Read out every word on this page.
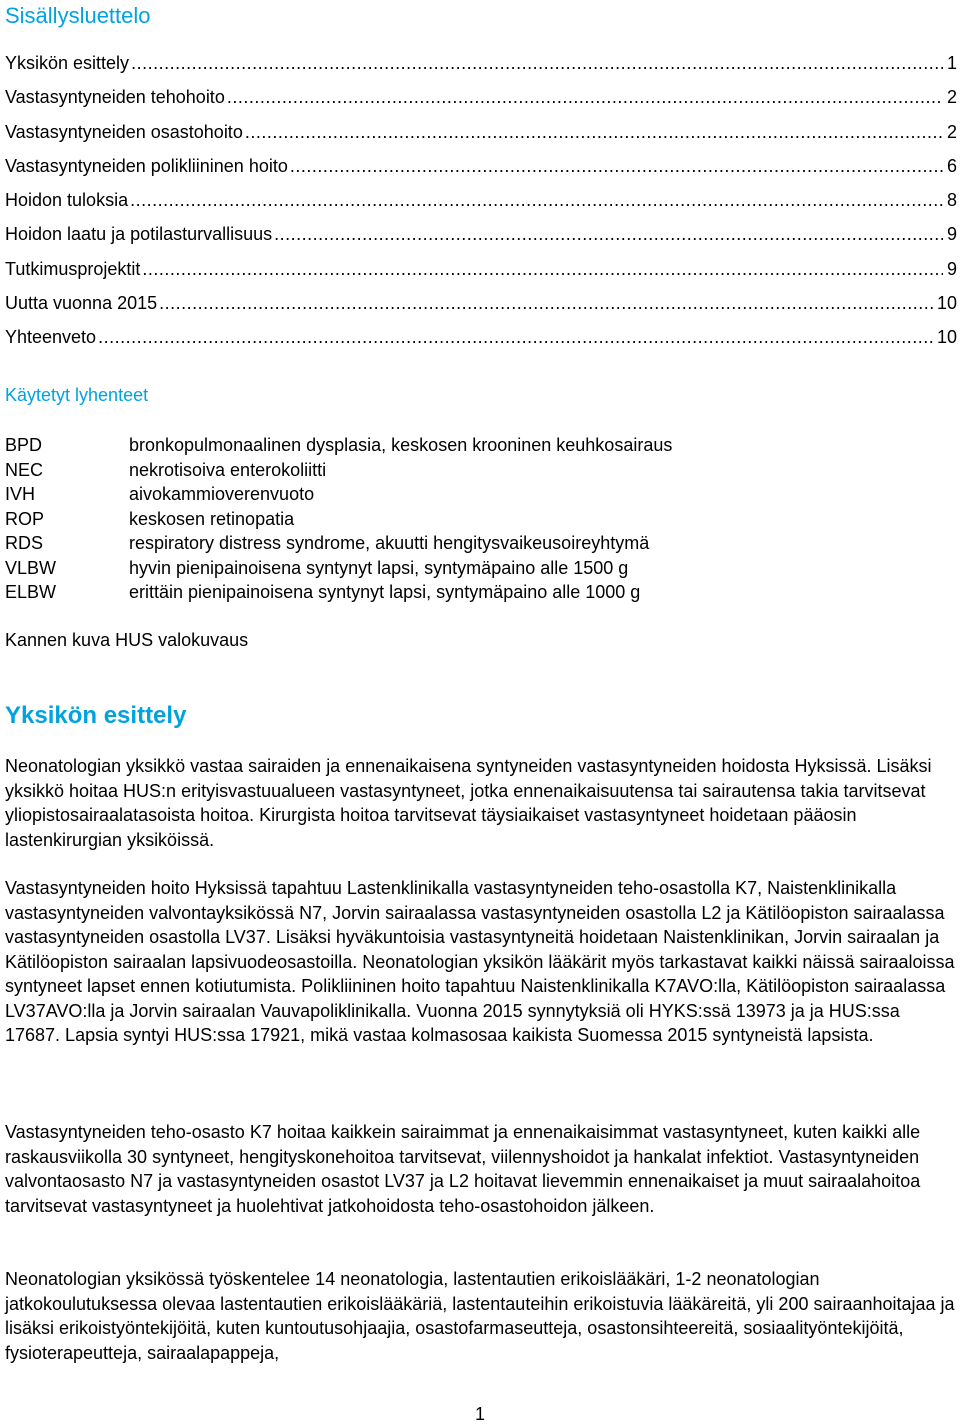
Sisällysluettelo
Yksikön esittely .....	1
Vastasyntyneiden tehohoito .....	2
Vastasyntyneiden osastohoito .....	2
Vastasyntyneiden polikliininen hoito .....	6
Hoidon tuloksia .....	8
Hoidon laatu ja potilasturvallisuus .....	9
Tutkimusprojektit .....	9
Uutta vuonna 2015 .....	10
Yhteenveto .....	10
Käytetyt lyhenteet
BPD	bronkopulmonaalinen dysplasia, keskosen krooninen keuhkosairaus
NEC	nekrotisoiva enterokoliitti
IVH	aivokammioverenvuoto
ROP	keskosen retinopatia
RDS	respiratory distress syndrome, akuutti hengitysvaikeusoireyhtymä
VLBW	hyvin pienipainoisena syntynyt lapsi, syntymäpaino alle 1500 g
ELBW	erittäin pienipainoisena syntynyt lapsi, syntymäpaino alle 1000 g

Kannen kuva HUS valokuvaus

Yksikön esittely

Neonatologian yksikkö vastaa sairaiden ja ennenaikaisena syntyneiden vastasyntyneiden hoidosta Hyksissä. Lisäksi yksikkö hoitaa HUS:n erityisvastuualueen vastasyntyneet, jotka ennenaikaisuutensa tai sairautensa takia tarvitsevat yliopistosairaalatasoista hoitoa. Kirurgista hoitoa tarvitsevat täysiaikaiset vastasyntyneet hoidetaan pääosin lastenkirurgian yksiköissä.

Vastasyntyneiden hoito Hyksissä tapahtuu Lastenklinikalla vastasyntyneiden teho-osastolla K7, Naistenklinikalla vastasyntyneiden valvontayksikössä N7, Jorvin sairaalassa vastasyntyneiden osastolla L2 ja Kätilöopiston sairaalassa vastasyntyneiden osastolla LV37. Lisäksi hyväkuntoisia vastasyntyneitä hoidetaan Naistenklinikan, Jorvin sairaalan ja Kätilöopiston sairaalan lapsivuodeosastoilla. Neonatologian yksikön lääkärit myös tarkastavat kaikki näissä sairaaloissa syntyneet lapset ennen kotiutumista. Polikliininen hoito tapahtuu Naistenklinikalla K7AVO:lla, Kätilöopiston sairaalassa LV37AVO:lla ja Jorvin sairaalan Vauvapoliklinikalla. Vuonna 2015 synnytyksiä oli HYKS:ssä 13973 ja ja HUS:ssa 17687. Lapsia syntyi HUS:ssa 17921, mikä vastaa kolmasosaa kaikista Suomessa 2015 syntyneistä lapsista.

Vastasyntyneiden teho-osasto K7 hoitaa kaikkein sairaimmat ja ennenaikaisimmat vastasyntyneet, kuten kaikki alle raskausviikolla 30 syntyneet, hengityskonehoitoa tarvitsevat, viilennyshoidot ja hankalat infektiot. Vastasyntyneiden valvontaosasto N7 ja vastasyntyneiden osastot LV37 ja L2 hoitavat lievemmin ennenaikaiset ja muut sairaalahoitoa tarvitsevat vastasyntyneet ja huolehtivat jatkohoidosta teho-osastohoidon jälkeen.

Neonatologian yksikössä työskentelee 14 neonatologia, lastentautien erikoislääkäri, 1-2 neonatologian jatkokoulutuksessa olevaa lastentautien erikoislääkäriä, lastentauteihin erikoistuvia lääkäreitä, yli 200 sairaanhoitajaa ja lisäksi erikoistyöntekijöitä, kuten kuntoutusohjaajia, osastofarmaseutteja, osastonsihteereitä, sosiaalityöntekijöitä, fysioterapeutteja, sairaalapappeja,

1
